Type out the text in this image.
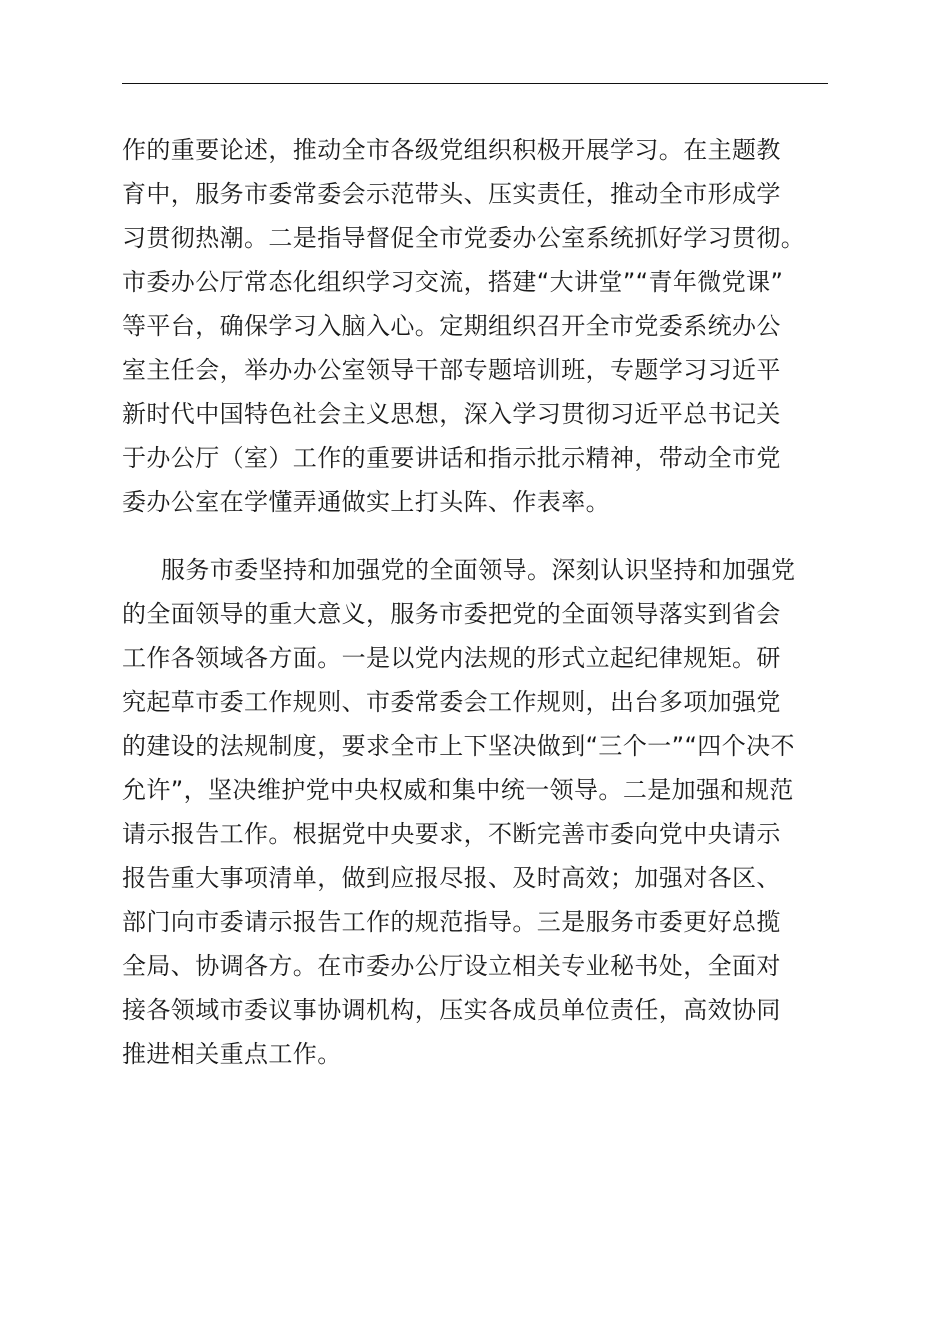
作的重要论述，推动全市各级党组织积极开展学习。在主题教
育中，服务市委常委会示范带头、压实责任，推动全市形成学
习贯彻热潮。二是指导督促全市党委办公室系统抓好学习贯彻。
市委办公厅常态化组织学习交流，搭建“大讲堂”“青年微党课”
等平台，确保学习入脑入心。定期组织召开全市党委系统办公
室主任会，举办办公室领导干部专题培训班，专题学习习近平
新时代中国特色社会主义思想，深入学习贯彻习近平总书记关
于办公厅（室）工作的重要讲话和指示批示精神，带动全市党
委办公室在学懂弄通做实上打头阵、作表率。
服务市委坚持和加强党的全面领导。深刻认识坚持和加强党
的全面领导的重大意义，服务市委把党的全面领导落实到省会
工作各领域各方面。一是以党内法规的形式立起纪律规矩。研
究起草市委工作规则、市委常委会工作规则，出台多项加强党
的建设的法规制度，要求全市上下坚决做到“三个一”“四个决不
允许”，坚决维护党中央权威和集中统一领导。二是加强和规范
请示报告工作。根据党中央要求，不断完善市委向党中央请示
报告重大事项清单，做到应报尽报、及时高效；加强对各区、
部门向市委请示报告工作的规范指导。三是服务市委更好总揽
全局、协调各方。在市委办公厅设立相关专业秘书处，全面对
接各领域市委议事协调机构，压实各成员单位责任，高效协同
推进相关重点工作。
